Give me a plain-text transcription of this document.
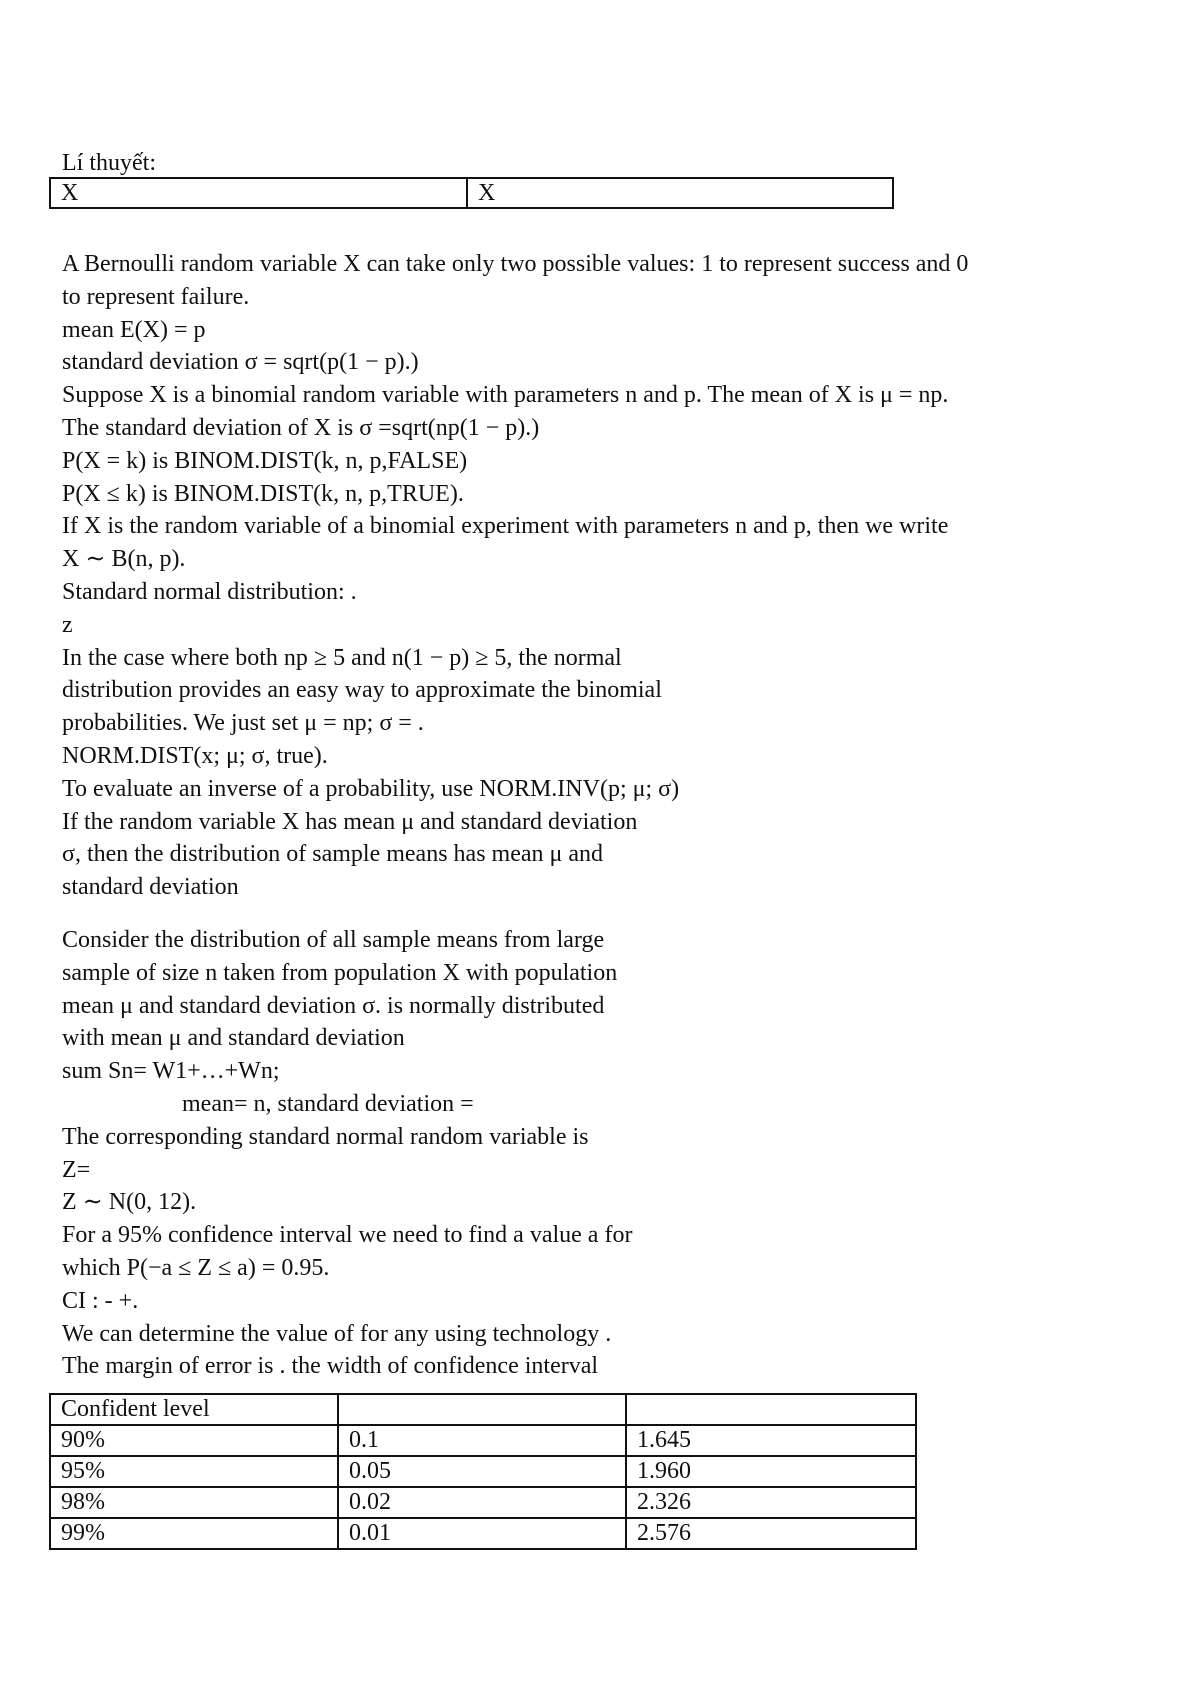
Lí thuyết:
X	X
A Bernoulli random variable X can take only two possible values: 1 to represent success and 0
to represent failure.
mean E(X) = p
standard deviation σ = sqrt(p(1 − p).)
Suppose X is a binomial random variable with parameters n and p. The mean of X is μ = np.
The standard deviation of X is σ =sqrt(np(1 − p).)
P(X = k) is BINOM.DIST(k, n, p,FALSE)
P(X ≤ k) is BINOM.DIST(k, n, p,TRUE).
If X is the random variable of a binomial experiment with parameters n and p, then we write
X ∼ B(n, p).
Standard normal distribution: .
z
In the case where both np ≥ 5 and n(1 − p) ≥ 5, the normal
distribution provides an easy way to approximate the binomial
probabilities. We just set μ = np; σ = .
NORM.DIST(x; μ; σ, true).
To evaluate an inverse of a probability, use NORM.INV(p; μ; σ)
If the random variable X has mean μ and standard deviation
σ, then the distribution of sample means has mean μ and
standard deviation
Consider the distribution of all sample means from large
sample of size n taken from population X with population
mean μ and standard deviation σ. is normally distributed
with mean μ and standard deviation
sum Sn= W1+…+Wn;
mean= n, standard deviation =
The corresponding standard normal random variable is
Z=
Z ∼ N(0, 12).
For a 95% confidence interval we need to find a value a for
which P(−a ≤ Z ≤ a) = 0.95.
CI : - +.
We can determine the value of for any using technology .
The margin of error is . the width of confidence interval
Confident level		
90%	0.1	1.645
95%	0.05	1.960
98%	0.02	2.326
99%	0.01	2.576
